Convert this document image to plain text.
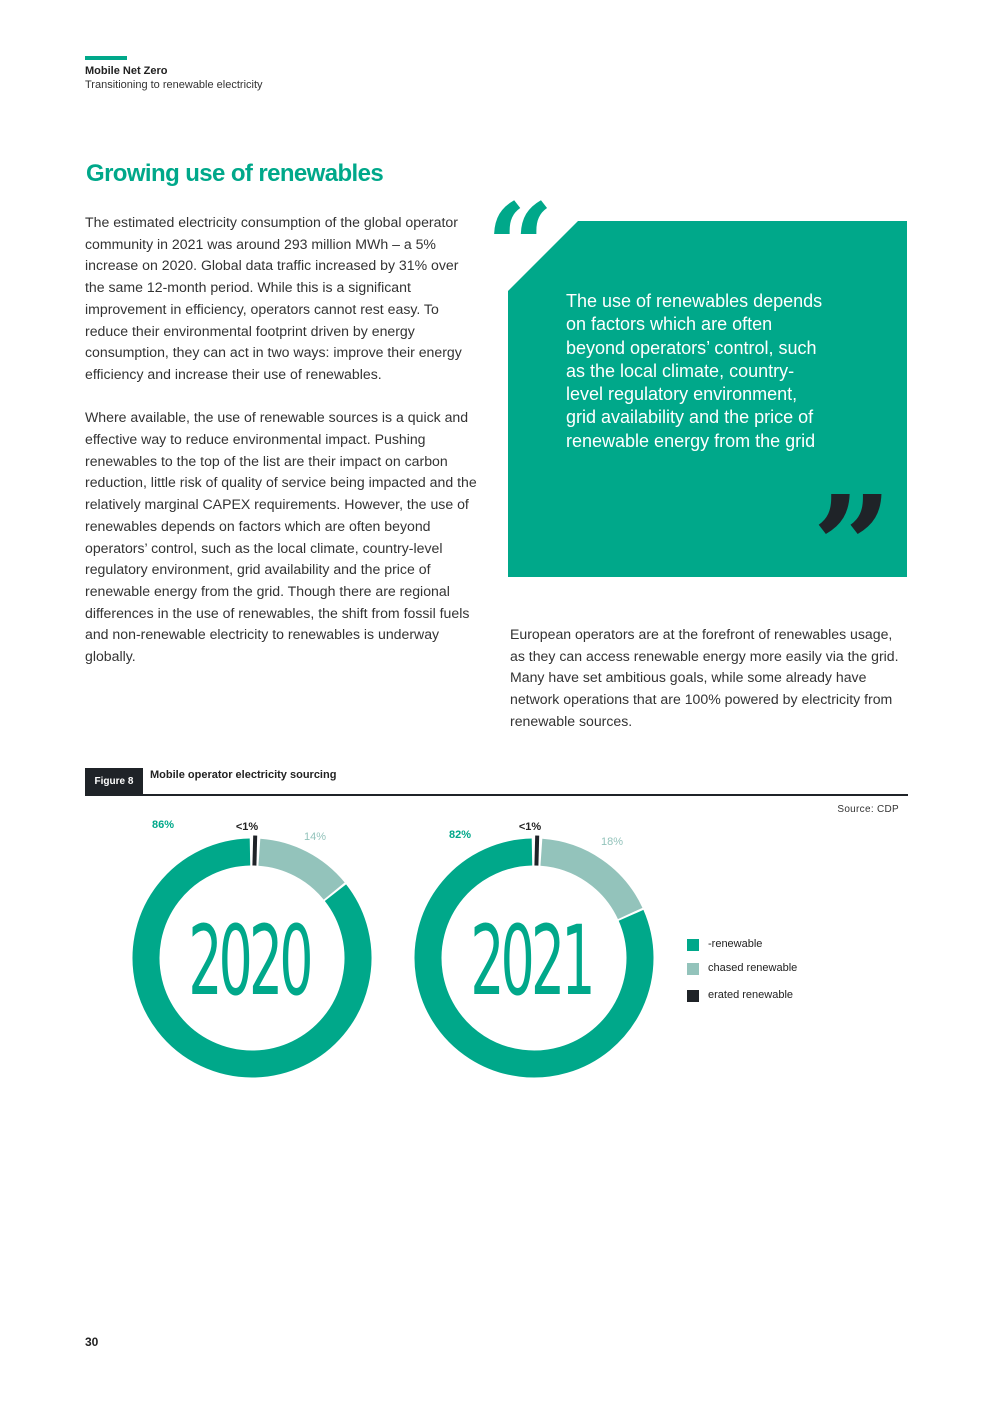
Mobile Net Zero
Transitioning to renewable electricity
Growing use of renewables

The estimated electricity consumption of the global operator community in 2021 was around 293 million MWh – a 5% increase on 2020. Global data traffic increased by 31% over the same 12-month period. While this is a significant improvement in efficiency, operators cannot rest easy. To reduce their environmental footprint driven by energy consumption, they can act in two ways: improve their energy efficiency and increase their use of renewables.

Where available, the use of renewable sources is a quick and effective way to reduce environmental impact. Pushing renewables to the top of the list are their impact on carbon reduction, little risk of quality of service being impacted and the relatively marginal CAPEX requirements. However, the use of renewables depends on factors which are often beyond operators’ control, such as the local climate, country-level regulatory environment, grid availability and the price of renewable energy from the grid. Though there are regional differences in the use of renewables, the shift from fossil fuels and non-renewable electricity to renewables is underway globally.

“ The use of renewables depends on factors which are often beyond operators’ control, such as the local climate, country-level regulatory environment, grid availability and the price of renewable energy from the grid
”

European operators are at the forefront of renewables usage, as they can access renewable energy more easily via the grid. Many have set ambitious goals, while some already have network operations that are 100% powered by electricity from renewable sources.

Figure 8
Mobile operator electricity sourcing
Source: CDP
2020
86%
14%
<1%
2021
82%
18%
<1%
-renewable
chased renewable
erated renewable
30
